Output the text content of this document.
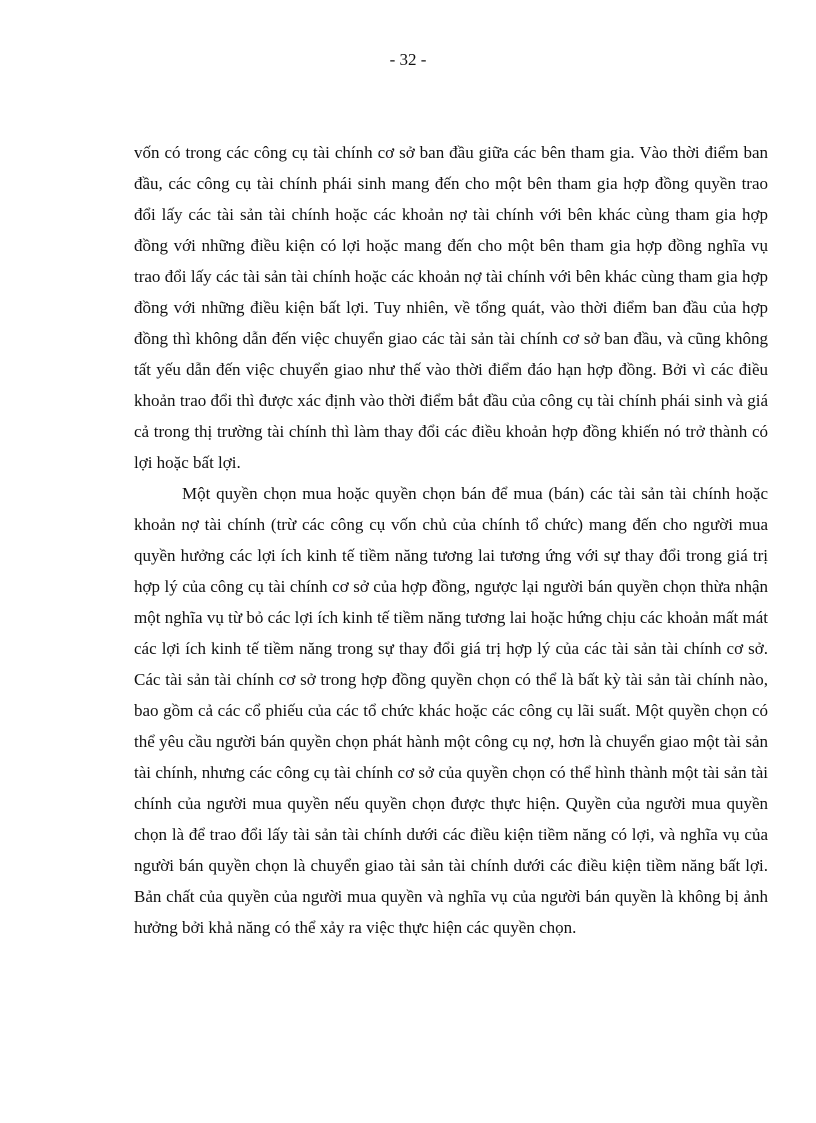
- 32 -

vốn có trong các công cụ tài chính cơ sở ban đầu giữa các bên tham gia. Vào thời điểm ban đầu, các công cụ tài chính phái sinh mang đến cho một bên tham gia hợp đồng quyền trao đổi lấy các tài sản tài chính hoặc các khoản nợ tài chính với bên khác cùng tham gia hợp đồng với những điều kiện có lợi hoặc mang đến cho một bên tham gia hợp đồng nghĩa vụ trao đổi lấy các tài sản tài chính hoặc các khoản nợ tài chính với bên khác cùng tham gia hợp đồng với những điều kiện bất lợi. Tuy nhiên, về tổng quát, vào thời điểm ban đầu của hợp đồng thì không dẫn đến việc chuyển giao các tài sản tài chính cơ sở ban đầu, và cũng không tất yếu dẫn đến việc chuyển giao như thế vào thời điểm đáo hạn hợp đồng. Bởi vì các điều khoản trao đổi thì được xác định vào thời điểm bắt đầu của công cụ tài chính phái sinh và giá cả trong thị trường tài chính thì làm thay đổi các điều khoản hợp đồng khiến nó trở thành có lợi hoặc bất lợi.

Một quyền chọn mua hoặc quyền chọn bán để mua (bán) các tài sản tài chính hoặc khoản nợ tài chính (trừ các công cụ vốn chủ của chính tổ chức) mang đến cho người mua quyền hưởng các lợi ích kinh tế tiềm năng tương lai tương ứng với sự thay đổi trong giá trị hợp lý của công cụ tài chính cơ sở của hợp đồng, ngược lại người bán quyền chọn thừa nhận một nghĩa vụ từ bỏ các lợi ích kinh tế tiềm năng tương lai hoặc hứng chịu các khoản mất mát các lợi ích kinh tế tiềm năng trong sự thay đổi giá trị hợp lý của các tài sản tài chính cơ sở. Các tài sản tài chính cơ sở trong hợp đồng quyền chọn có thể là bất kỳ tài sản tài chính nào, bao gồm cả các cổ phiếu của các tổ chức khác hoặc các công cụ lãi suất. Một quyền chọn có thể yêu cầu người bán quyền chọn phát hành một công cụ nợ, hơn là chuyển giao một tài sản tài chính, nhưng các công cụ tài chính cơ sở của quyền chọn có thể hình thành một tài sản tài chính của người mua quyền nếu quyền chọn được thực hiện. Quyền của người mua quyền chọn là để trao đổi lấy tài sản tài chính dưới các điều kiện tiềm năng có lợi, và nghĩa vụ của người bán quyền chọn là chuyển giao tài sản tài chính dưới các điều kiện tiềm năng bất lợi. Bản chất của quyền của người mua quyền và nghĩa vụ của người bán quyền là không bị ảnh hưởng bởi khả năng có thể xảy ra việc thực hiện các quyền chọn.
